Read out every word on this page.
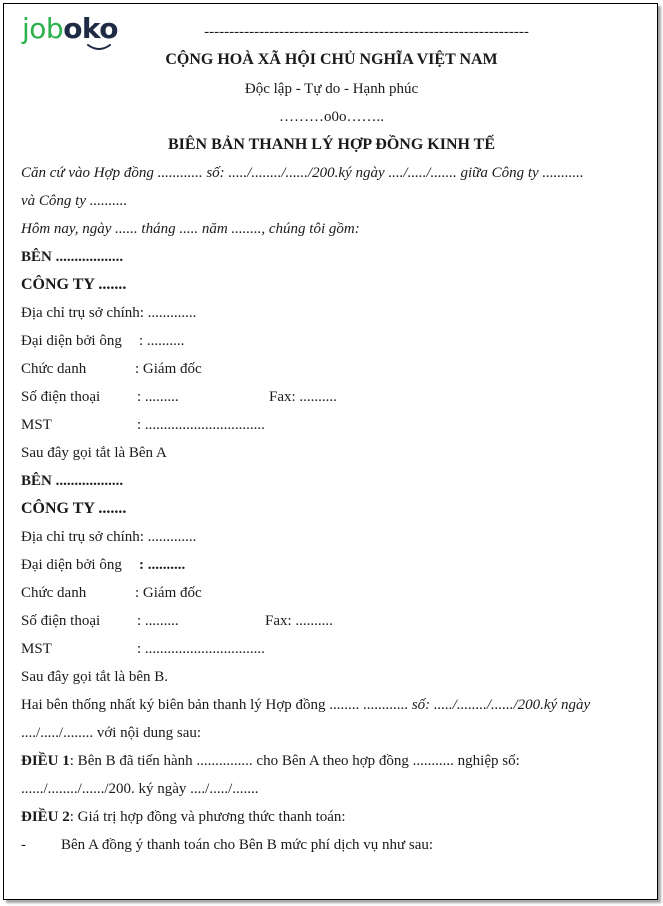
joboko	-----------------------------------------------------------------
CỘNG HOÀ XÃ HỘI CHỦ NGHĨA VIỆT NAM
Độc lập - Tự do - Hạnh phúc
………o0o……..
BIÊN BẢN THANH LÝ HỢP ĐỒNG KINH TẾ
Căn cứ vào Hợp đồng ............ số: ...../......../....../200.ký ngày ..../...../....... giữa Công ty ...........
và Công ty ..........
Hôm nay, ngày ...... tháng ..... năm ........, chúng tôi gồm:
BÊN ..................
CÔNG TY .......
Địa chỉ trụ sở chính: .............
Đại diện bởi ông : ..........
Chức danh	: Giám đốc
Số điện thoại : .........	Fax: ..........
MST	: ................................
Sau đây gọi tắt là Bên A
BÊN ..................
CÔNG TY .......
Địa chỉ trụ sở chính: .............
Đại diện bởi ông : ..........
Chức danh	: Giám đốc
Số điện thoại : .........	Fax: ..........
MST	: ................................
Sau đây gọi tắt là bên B.
Hai bên thống nhất ký biên bản thanh lý Hợp đồng ........ ............ số: ...../......../....../200.ký ngày
..../...../........ với nội dung sau:
ĐIỀU 1: Bên B đã tiến hành ............... cho Bên A theo hợp đồng ........... nghiệp số:
....../......../....../200. ký ngày ..../...../.......
ĐIỀU 2: Giá trị hợp đồng và phương thức thanh toán:
- Bên A đồng ý thanh toán cho Bên B mức phí dịch vụ như sau:
